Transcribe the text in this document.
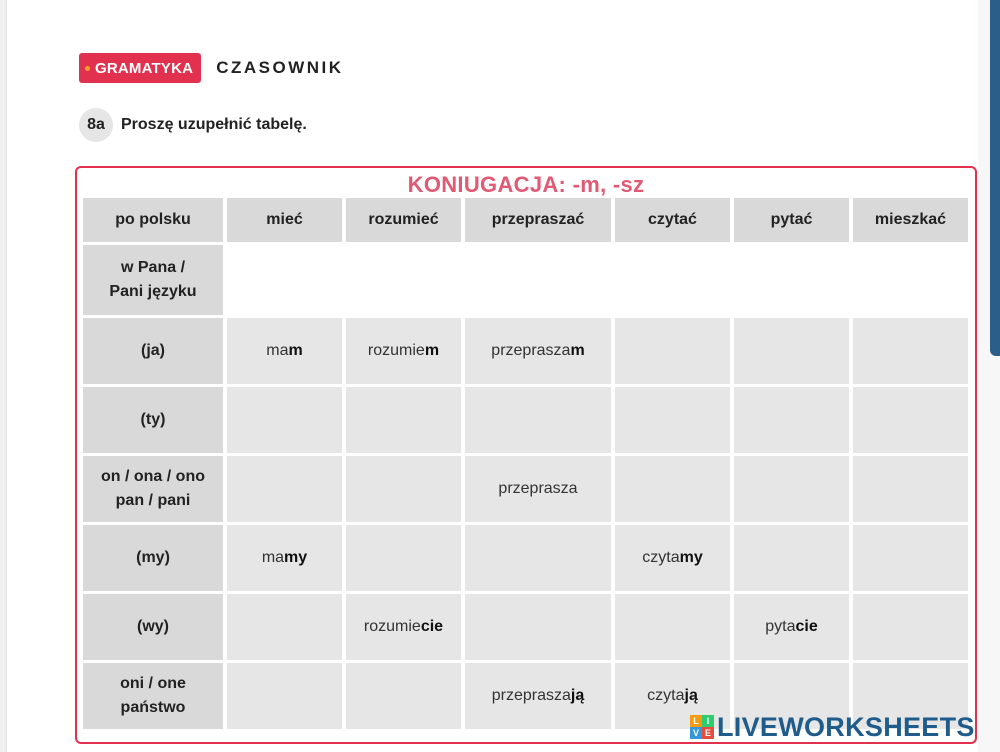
GRAMATYKA CZASOWNIK
8a	Proszę uzupełnić tabelę.
KONIUGACJA: -m, -sz
po polsku	mieć	rozumieć	przepraszać	czytać	pytać	mieszkać

w Pana /
Pani języku						

(ja)	mam	rozumiem	przepraszam			

(ty)						

on / ona / ono
pan / pani			przeprasza			

(my)	mamy			czytamy		

(wy)		rozumiecie			pytacie	

oni / one
państwo			przepraszają	czytają		
L I
V E LIVEWORKSHEETS
